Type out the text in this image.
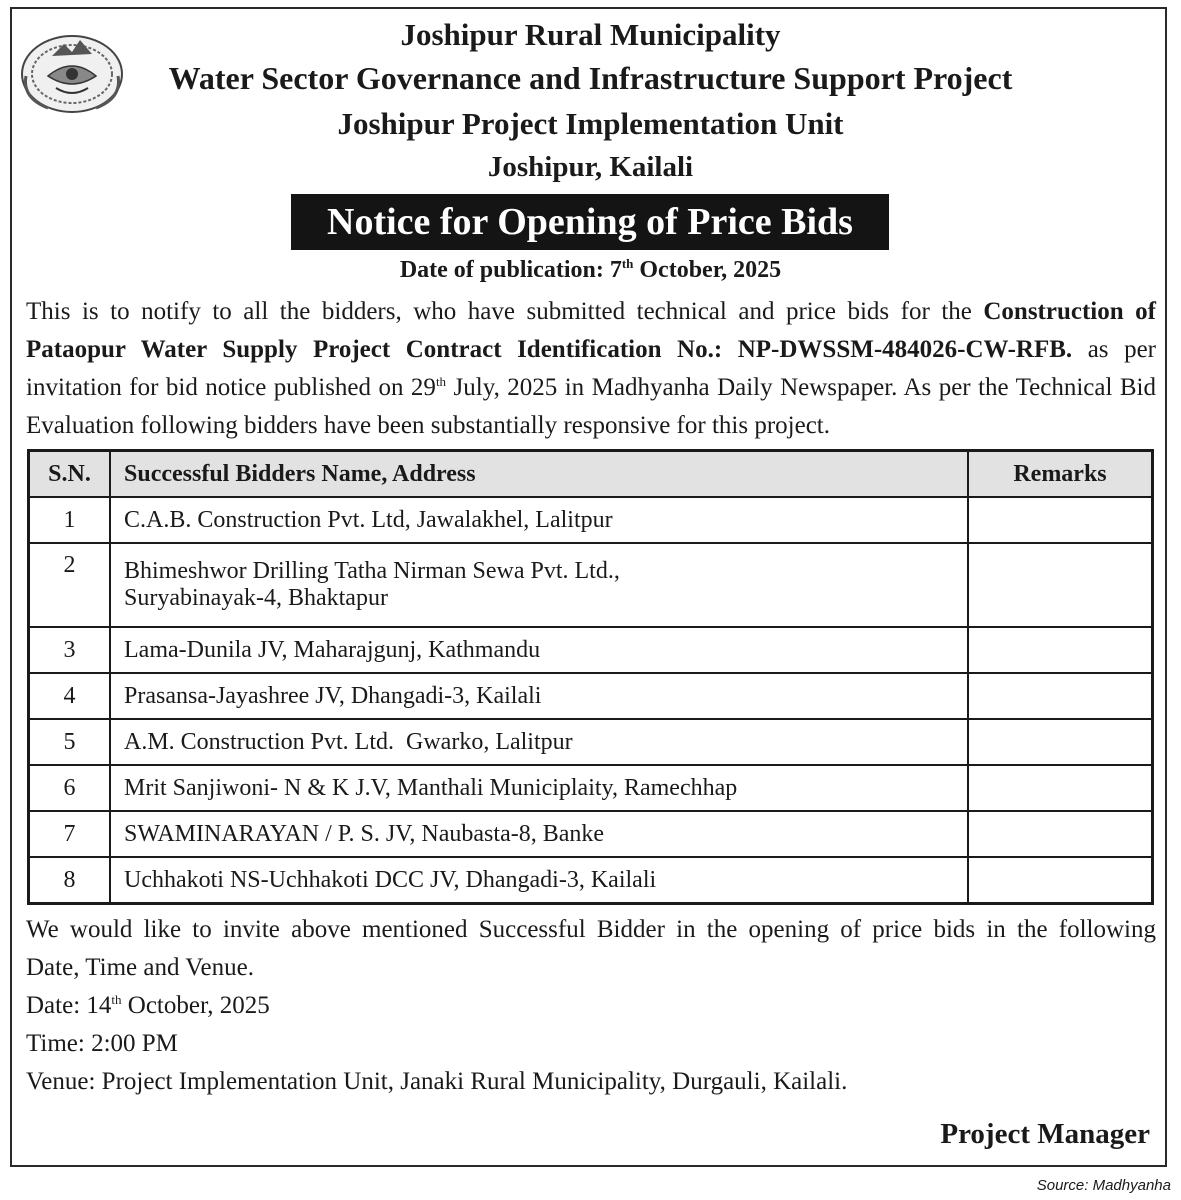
Joshipur Rural Municipality
Water Sector Governance and Infrastructure Support Project
Joshipur Project Implementation Unit
Joshipur, Kailali
Notice for Opening of Price Bids
Date of publication: 7th October, 2025
This is to notify to all the bidders, who have submitted technical and price bids for the Construction of Pataopur Water Supply Project Contract Identification No.: NP-DWSSM-484026-CW-RFB. as per invitation for bid notice published on 29th July, 2025 in Madhyanha Daily Newspaper. As per the Technical Bid Evaluation following bidders have been substantially responsive for this project.
S.N.	Successful Bidders Name, Address	Remarks
1	C.A.B. Construction Pvt. Ltd, Jawalakhel, Lalitpur	
2	Bhimeshwor Drilling Tatha Nirman Sewa Pvt. Ltd.,
Suryabinayak-4, Bhaktapur	

3	Lama-Dunila JV, Maharajgunj, Kathmandu	
4	Prasansa-Jayashree JV, Dhangadi-3, Kailali	
5	A.M. Construction Pvt. Ltd.  Gwarko, Lalitpur	
6	Mrit Sanjiwoni- N & K J.V, Manthali Municiplaity, Ramechhap	
7	SWAMINARAYAN / P. S. JV, Naubasta-8, Banke	
8	Uchhakoti NS-Uchhakoti DCC JV, Dhangadi-3, Kailali	
We would like to invite above mentioned Successful Bidder in the opening of price bids in the following
Date, Time and Venue.
Date: 14th October, 2025
Time: 2:00 PM
Venue: Project Implementation Unit, Janaki Rural Municipality, Durgauli, Kailali.
Project Manager
Source: Madhyanha
